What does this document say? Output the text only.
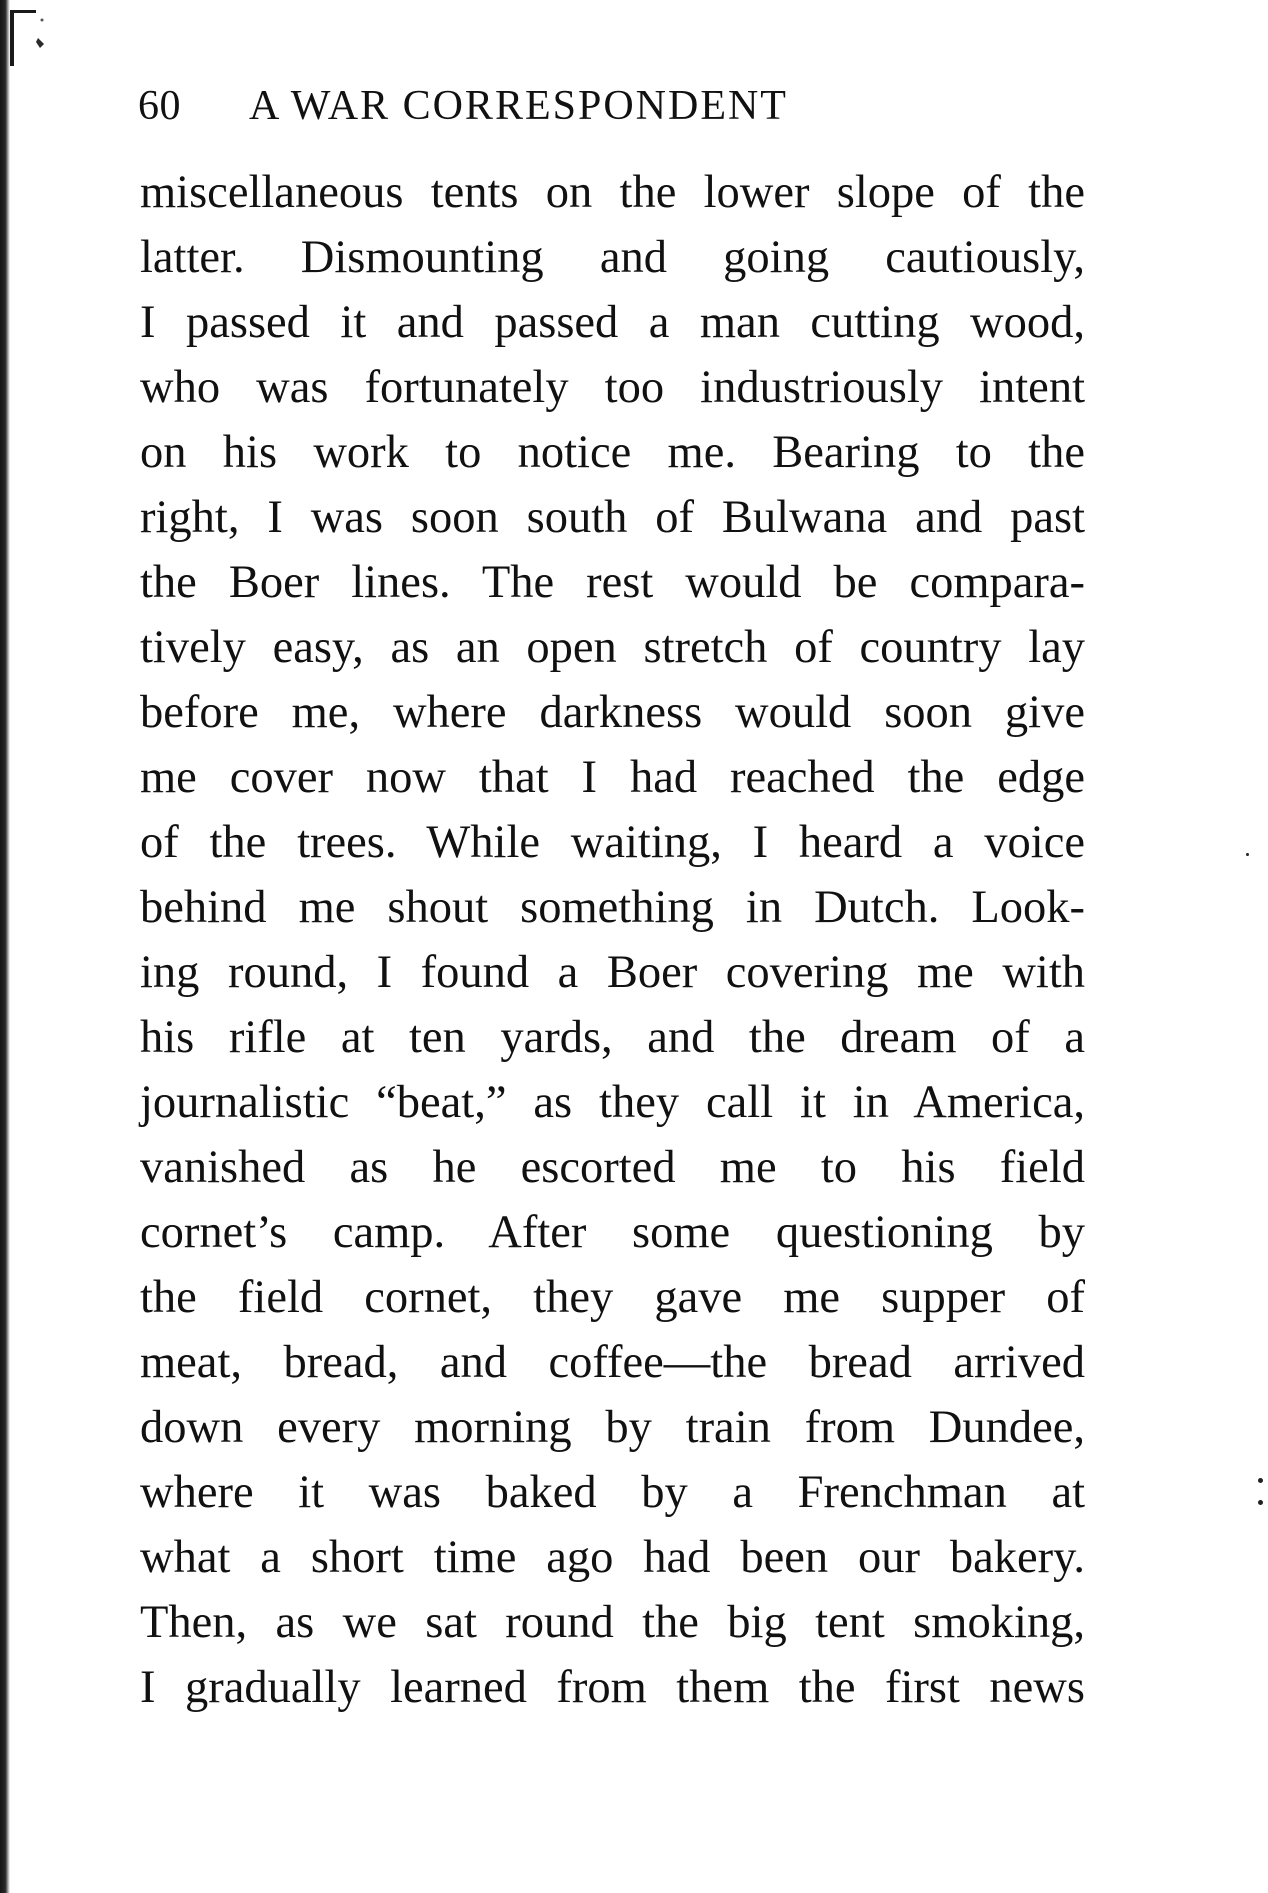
60 A WAR CORRESPONDENT
miscellaneous tents on the lower slope of the
latter. Dismounting and going cautiously,
I passed it and passed a man cutting wood,
who was fortunately too industriously intent
on his work to notice me. Bearing to the
right, I was soon south of Bulwana and past
the Boer lines. The rest would be compara-
tively easy, as an open stretch of country lay
before me, where darkness would soon give
me cover now that I had reached the edge
of the trees. While waiting, I heard a voice
behind me shout something in Dutch. Look-
ing round, I found a Boer covering me with
his rifle at ten yards, and the dream of a
journalistic “beat,” as they call it in America,
vanished as he escorted me to his field
cornet’s camp. After some questioning by
the field cornet, they gave me supper of
meat, bread, and coffee—the bread arrived
down every morning by train from Dundee,
where it was baked by a Frenchman at
what a short time ago had been our bakery.
Then, as we sat round the big tent smoking,
I gradually learned from them the first news
